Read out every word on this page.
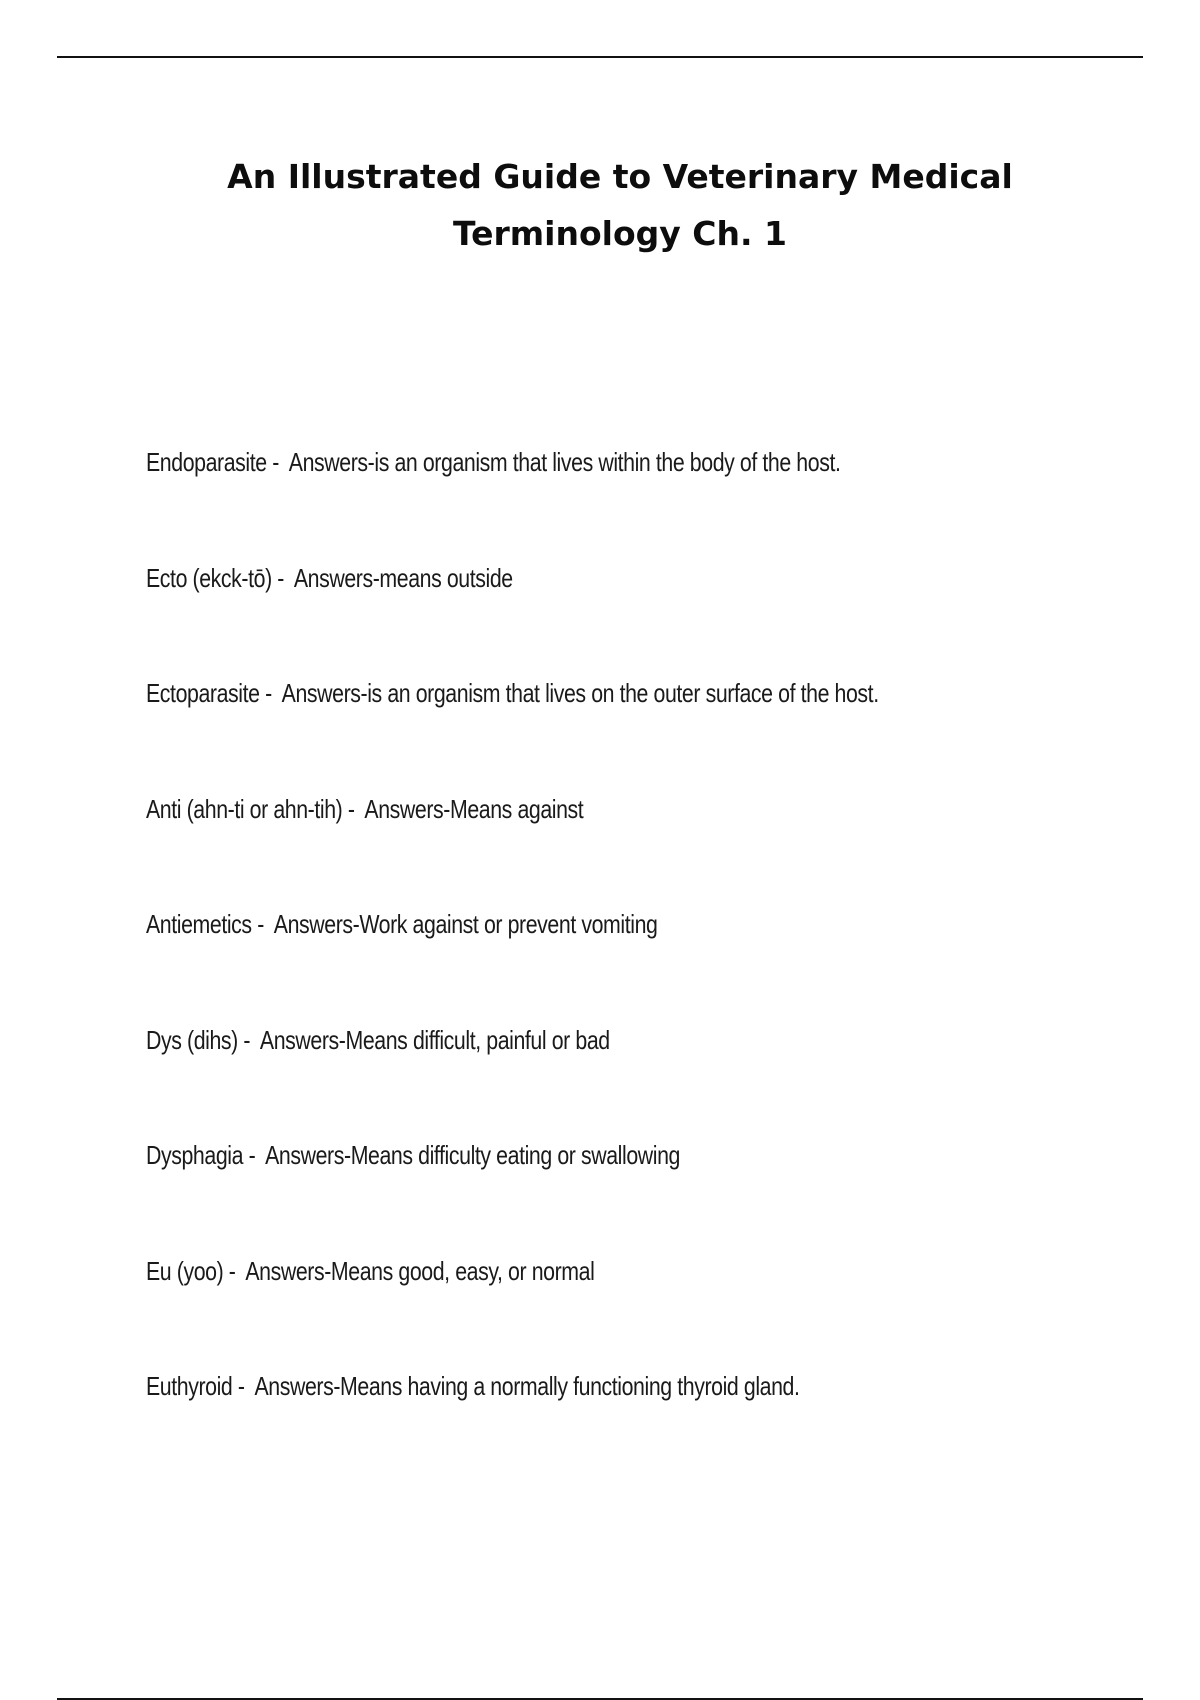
An Illustrated Guide to Veterinary Medical Terminology Ch. 1
Endoparasite -  Answers-is an organism that lives within the body of the host.
Ecto (ekck-tō) -  Answers-means outside
Ectoparasite -  Answers-is an organism that lives on the outer surface of the host.
Anti (ahn-ti or ahn-tih) -  Answers-Means against
Antiemetics -  Answers-Work against or prevent vomiting
Dys (dihs) -  Answers-Means difficult, painful or bad
Dysphagia -  Answers-Means difficulty eating or swallowing
Eu (yoo) -  Answers-Means good, easy, or normal
Euthyroid -  Answers-Means having a normally functioning thyroid gland.
